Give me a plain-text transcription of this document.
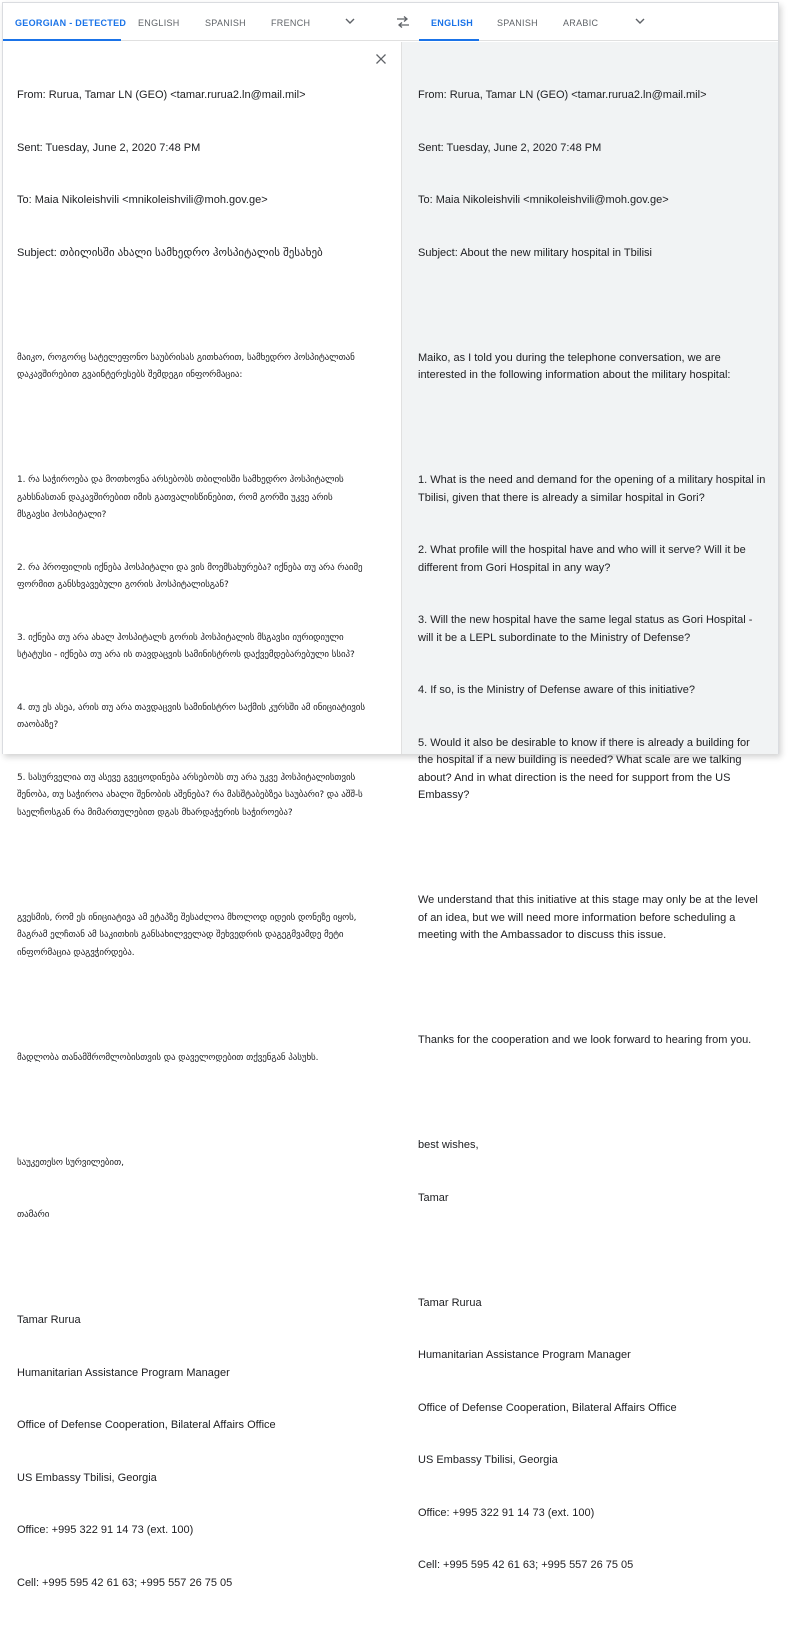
GEORGIAN - DETECTED ENGLISH	SPANISH	FRENCH	ENGLISH	SPANISH	ARABIC

From: Rurua, Tamar LN (GEO) <tamar.rurua2.ln@mail.mil>

Sent: Tuesday, June 2, 2020 7:48 PM

To: Maia Nikoleishvili <mnikoleishvili@moh.gov.ge>

Subject: თბილისში ახალი სამხედრო ჰოსპიტალის შესახებ

მაიკო, როგორც სატელეფონო საუბრისას გითხარით, სამხედრო ჰოსპიტალთან დაკავშირებით გვაინტერესებს შემდეგი ინფორმაცია:

1. რა საჭიროება და მოთხოვნა არსებობს თბილისში სამხედრო ჰოსპიტალის გახსნასთან დაკავშირებით იმის გათვალისწინებით, რომ გორში უკვე არის მსგავსი ჰოსპიტალი?

2. რა პროფილის იქნება ჰოსპიტალი და ვის მოემსახურება? იქნება თუ არა რაიმე ფორმით განსხვავებული გორის ჰოსპიტალისგან?

3. იქნება თუ არა ახალ ჰოსპიტალს გორის ჰოსპიტალის მსგავსი იურიდიული სტატუსი - იქნება თუ არა ის თავდაცვის სამინისტროს დაქვემდებარებული სსიპ?

4. თუ ეს ასეა, არის თუ არა თავდაცვის სამინისტრო საქმის კურსში ამ ინიციატივის თაობაზე?

5. სასურველია თუ ასევე გვეცოდინება არსებობს თუ არა უკვე ჰოსპიტალისთვის შენობა, თუ საჭიროა ახალი შენობის აშენება? რა მასშტაბებზეა საუბარი? და აშშ-ს საელჩოსგან რა მიმართულებით დგას მხარდაჭერის საჭიროება?

გვესმის, რომ ეს ინიციატივა ამ ეტაპზე შესაძლოა მხოლოდ იდეის დონეზე იყოს, მაგრამ ელჩთან ამ საკითხის განსახილველად შეხვედრის დაგეგმვამდე მეტი ინფორმაცია დაგვჭირდება.

მადლობა თანამშრომლობისთვის და დაველოდებით თქვენგან პასუხს.

საუკეთესო სურვილებით,

თამარი

Tamar Rurua

Humanitarian Assistance Program Manager

Office of Defense Cooperation, Bilateral Affairs Office

US Embassy Tbilisi, Georgia

Office: +995 322 91 14 73 (ext. 100)

Cell: +995 595 42 61 63; +995 557 26 75 05

From: Rurua, Tamar LN (GEO) <tamar.rurua2.ln@mail.mil>

Sent: Tuesday, June 2, 2020 7:48 PM

To: Maia Nikoleishvili <mnikoleishvili@moh.gov.ge>

Subject: About the new military hospital in Tbilisi

Maiko, as I told you during the telephone conversation, we are interested in the following information about the military hospital:

1. What is the need and demand for the opening of a military hospital in Tbilisi, given that there is already a similar hospital in Gori?

2. What profile will the hospital have and who will it serve? Will it be different from Gori Hospital in any way?

3. Will the new hospital have the same legal status as Gori Hospital - will it be a LEPL subordinate to the Ministry of Defense?

4. If so, is the Ministry of Defense aware of this initiative?

5. Would it also be desirable to know if there is already a building for the hospital if a new building is needed? What scale are we talking about? And in what direction is the need for support from the US Embassy?

We understand that this initiative at this stage may only be at the level of an idea, but we will need more information before scheduling a meeting with the Ambassador to discuss this issue.

Thanks for the cooperation and we look forward to hearing from you.

best wishes,

Tamar

Tamar Rurua

Humanitarian Assistance Program Manager

Office of Defense Cooperation, Bilateral Affairs Office

US Embassy Tbilisi, Georgia

Office: +995 322 91 14 73 (ext. 100)

Cell: +995 595 42 61 63; +995 557 26 75 05
